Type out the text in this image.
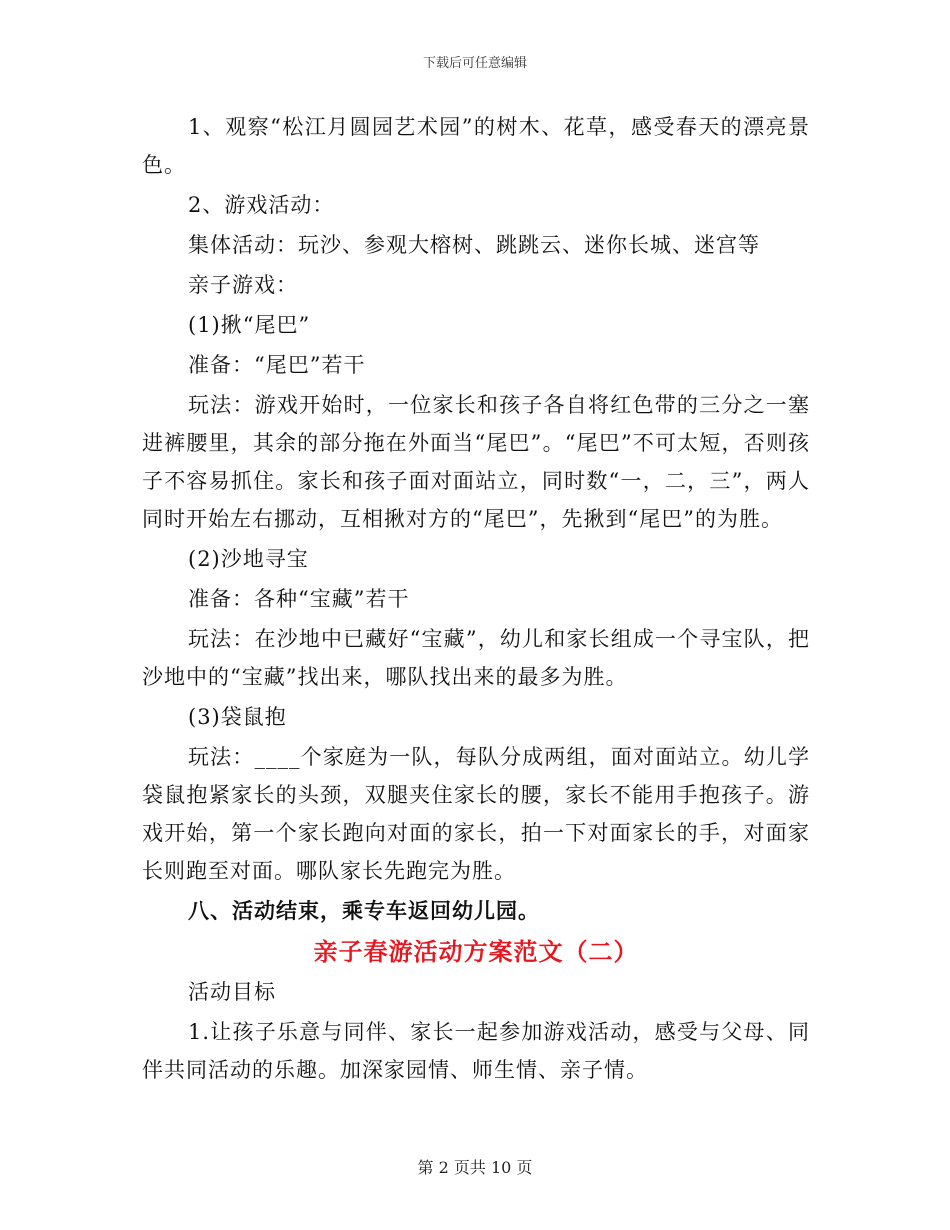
下载后可任意编辑

1、观察“松江月圆园艺术园”的树木、花草，感受春天的漂亮景色。

2、游戏活动：

集体活动：玩沙、参观大榕树、跳跳云、迷你长城、迷宫等

亲子游戏：

(1)揪“尾巴”

准备：“尾巴”若干

玩法：游戏开始时，一位家长和孩子各自将红色带的三分之一塞进裤腰里，其余的部分拖在外面当“尾巴”。“尾巴”不可太短，否则孩子不容易抓住。家长和孩子面对面站立，同时数“一，二，三”，两人同时开始左右挪动，互相揪对方的“尾巴”，先揪到“尾巴”的为胜。

(2)沙地寻宝

准备：各种“宝藏”若干

玩法：在沙地中已藏好“宝藏”，幼儿和家长组成一个寻宝队，把沙地中的“宝藏”找出来，哪队找出来的最多为胜。

(3)袋鼠抱

玩法：____个家庭为一队，每队分成两组，面对面站立。幼儿学袋鼠抱紧家长的头颈，双腿夹住家长的腰，家长不能用手抱孩子。游戏开始，第一个家长跑向对面的家长，拍一下对面家长的手，对面家长则跑至对面。哪队家长先跑完为胜。

八、活动结束，乘专车返回幼儿园。

亲子春游活动方案范文（二）

活动目标

1.让孩子乐意与同伴、家长一起参加游戏活动，感受与父母、同伴共同活动的乐趣。加深家园情、师生情、亲子情。

第 2 页共 10 页
